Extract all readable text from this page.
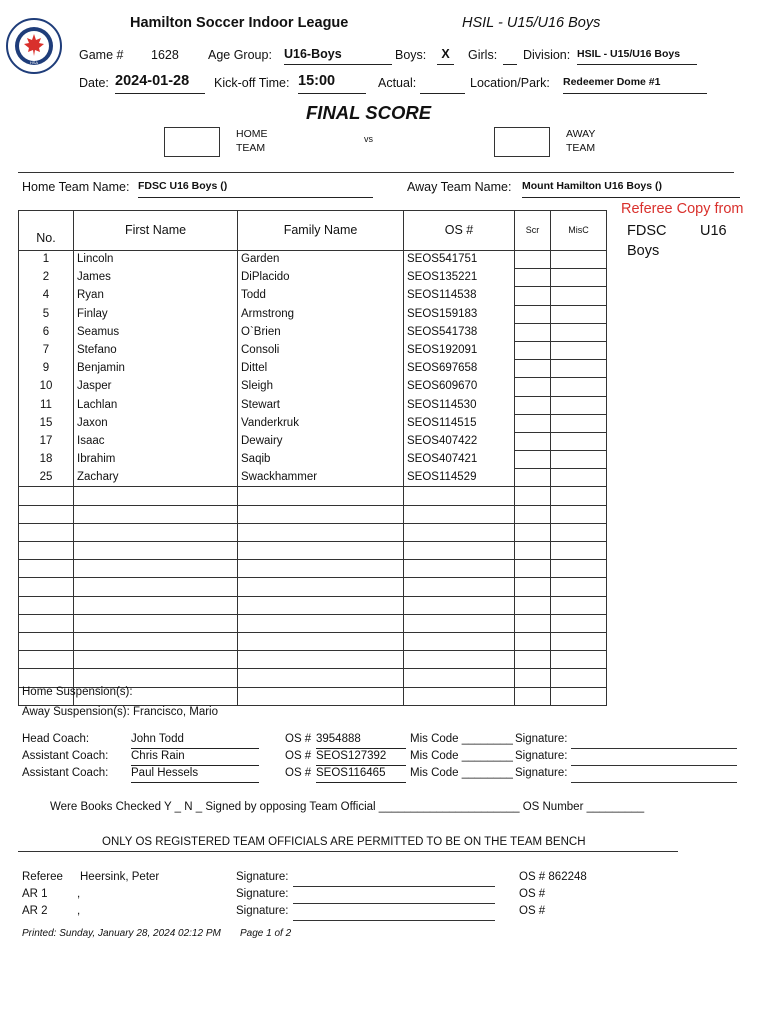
HSA
Hamilton Soccer Indoor League	HSIL - U15/U16 Boys
Game # 1628 Age Group: U16-Boys	Boys:	X	Girls: Division: HSIL - U15/U16 Boys
Date: 2024-01-28	Kick-off Time: 15:00	Actual:	Location/Park: Redeemer Dome #1
FINAL SCORE
HOME
TEAM
vs	AWAY
TEAM
Home Team Name: FDSC U16 Boys ()	Away Team Name: Mount Hamilton U16 Boys ()
Referee Copy from
FDSC U16
Boys
No.	First Name	Family Name	OS #	Scr	MisC
1	Lincoln	Garden	SEOS541751		
2	James	DiPlacido	SEOS135221		
4	Ryan	Todd	SEOS114538		
5	Finlay	Armstrong	SEOS159183		
6	Seamus	O`Brien	SEOS541738		
7	Stefano	Consoli	SEOS192091		
9	Benjamin	Dittel	SEOS697658		
10	Jasper	Sleigh	SEOS609670		
11	Lachlan	Stewart	SEOS114530		
15	Jaxon	Vanderkruk	SEOS114515		
17	Isaac	Dewairy	SEOS407422		
18	Ibrahim	Saqib	SEOS407421		
25	Zachary	Swackhammer	SEOS114529		

Home Suspension(s):
Away Suspension(s): Francisco, Mario
Head Coach:	John Todd	OS # 3954888	Mis Code ________ Signature:
Assistant Coach: Chris Rain	OS # SEOS127392	Mis Code ________ Signature:
Assistant Coach: Paul Hessels	OS # SEOS116465	Mis Code ________ Signature:
Were Books Checked Y _ N _ Signed by opposing Team Official ______________________ OS Number _________
ONLY OS REGISTERED TEAM OFFICIALS ARE PERMITTED TO BE ON THE TEAM BENCH
Referee Heersink, Peter	Signature:	OS # 862248
AR 1	,	Signature:	OS #
AR 2	,	Signature:	OS #
Printed: Sunday, January 28, 2024 02:12 PM Page 1 of 2
